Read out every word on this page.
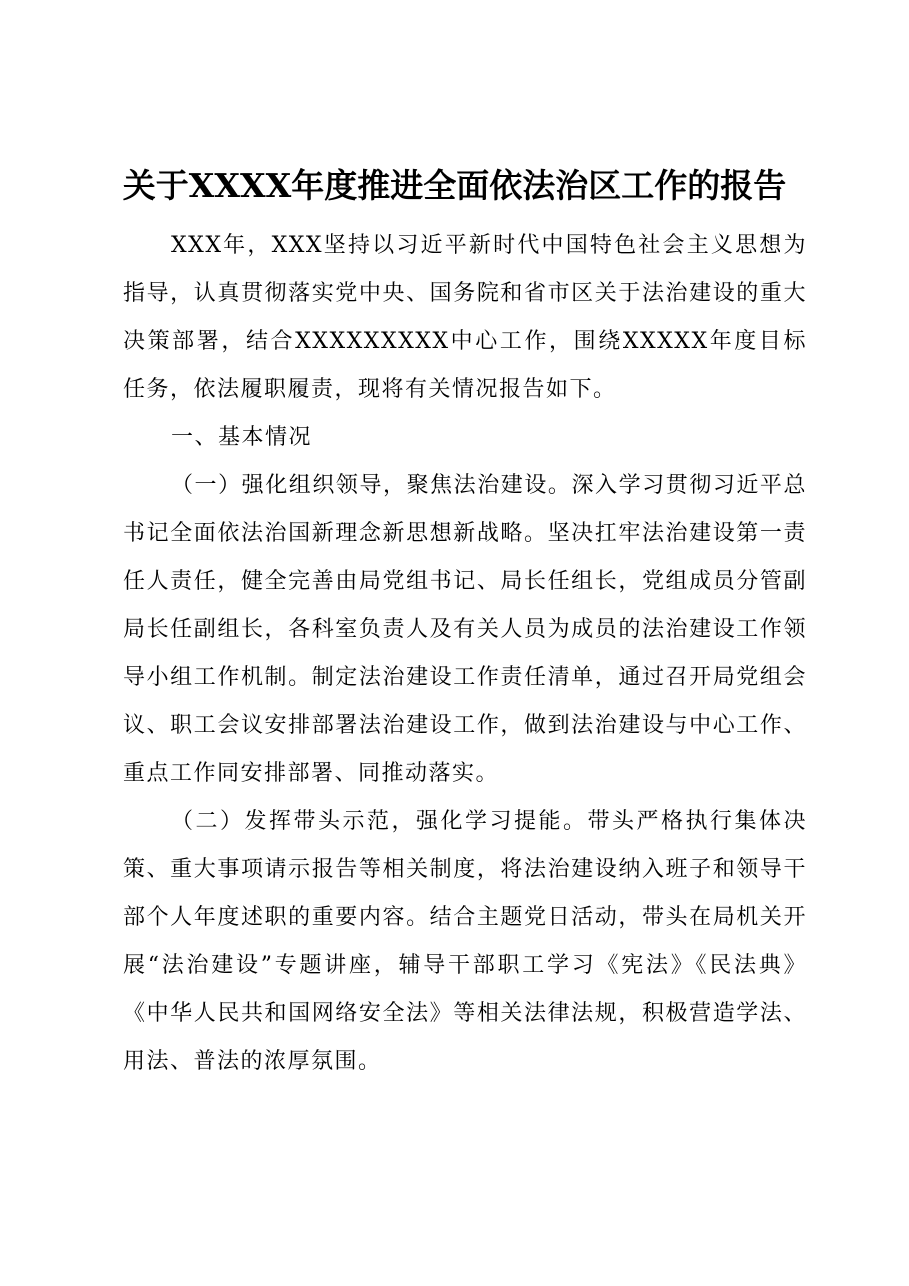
关于XXXX年度推进全面依法治区工作的报告

XXX年，XXX坚持以习近平新时代中国特色社会主义思想为指导，认真贯彻落实党中央、国务院和省市区关于法治建设的重大决策部署，结合XXXXXXXXX中心工作，围绕XXXXX年度目标任务，依法履职履责，现将有关情况报告如下。

一、基本情况

（一）强化组织领导，聚焦法治建设。深入学习贯彻习近平总书记全面依法治国新理念新思想新战略。坚决扛牢法治建设第一责任人责任，健全完善由局党组书记、局长任组长，党组成员分管副局长任副组长，各科室负责人及有关人员为成员的法治建设工作领导小组工作机制。制定法治建设工作责任清单，通过召开局党组会议、职工会议安排部署法治建设工作，做到法治建设与中心工作、重点工作同安排部署、同推动落实。

（二）发挥带头示范，强化学习提能。带头严格执行集体决策、重大事项请示报告等相关制度，将法治建设纳入班子和领导干部个人年度述职的重要内容。结合主题党日活动，带头在局机关开展“法治建设”专题讲座，辅导干部职工学习《宪法》《民法典》《中华人民共和国网络安全法》等相关法律法规，积极营造学法、用法、普法的浓厚氛围。
